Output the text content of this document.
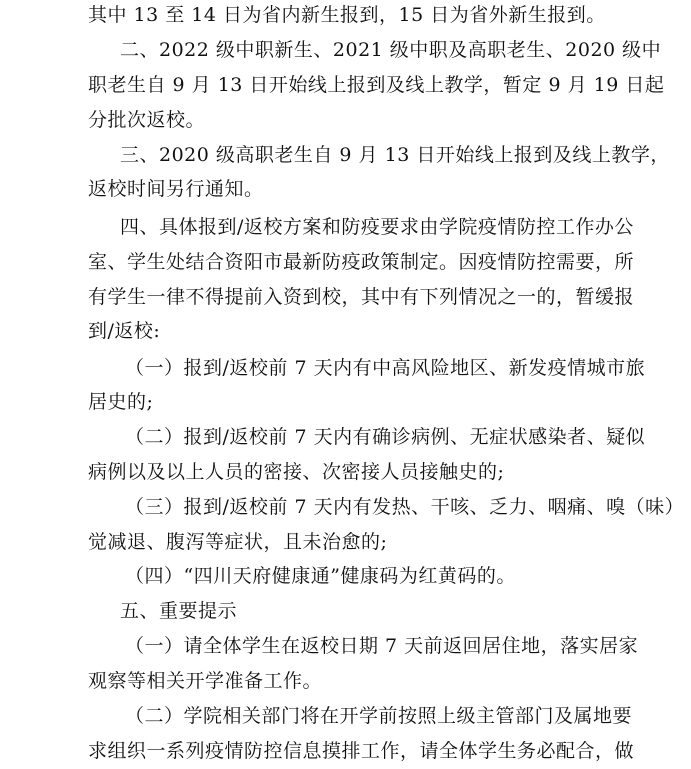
其中 13 至 14 日为省内新生报到，15 日为省外新生报到。
二、2022 级中职新生、2021 级中职及高职老生、2020 级中
职老生自 9 月 13 日开始线上报到及线上教学，暂定 9 月 19 日起
分批次返校。
三、2020 级高职老生自 9 月 13 日开始线上报到及线上教学，
返校时间另行通知。
四、具体报到/返校方案和防疫要求由学院疫情防控工作办公
室、学生处结合资阳市最新防疫政策制定。因疫情防控需要，所
有学生一律不得提前入资到校，其中有下列情况之一的，暂缓报
到/返校:
（一）报到/返校前 7 天内有中高风险地区、新发疫情城市旅
居史的;
（二）报到/返校前 7 天内有确诊病例、无症状感染者、疑似
病例以及以上人员的密接、次密接人员接触史的;
（三）报到/返校前 7 天内有发热、干咳、乏力、咽痛、嗅（味）
觉减退、腹泻等症状，且未治愈的;
（四）“四川天府健康通”健康码为红黄码的。
五、重要提示
（一）请全体学生在返校日期 7 天前返回居住地，落实居家
观察等相关开学准备工作。
（二）学院相关部门将在开学前按照上级主管部门及属地要
求组织一系列疫情防控信息摸排工作，请全体学生务必配合，做
